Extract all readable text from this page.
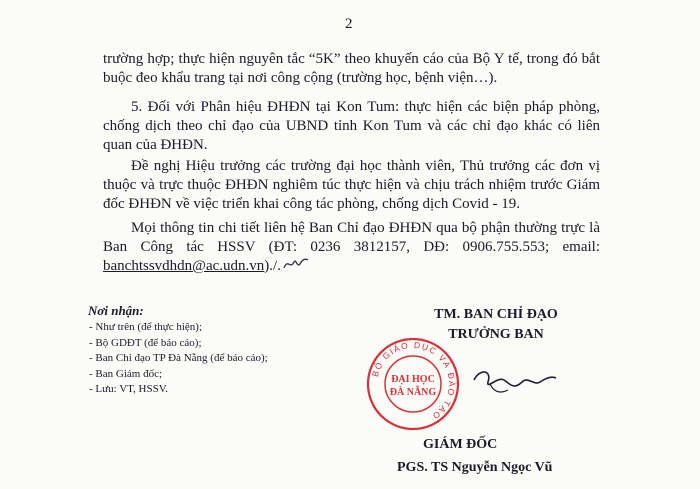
2

trường hợp; thực hiện nguyên tắc “5K” theo khuyến cáo của Bộ Y tế, trong đó bắt buộc đeo khẩu trang tại nơi công cộng (trường học, bệnh viện…).

5. Đối với Phân hiệu ĐHĐN tại Kon Tum: thực hiện các biện pháp phòng, chống dịch theo chỉ đạo của UBND tỉnh Kon Tum và các chỉ đạo khác có liên quan của ĐHĐN.

Đề nghị Hiệu trưởng các trường đại học thành viên, Thủ trưởng các đơn vị thuộc và trực thuộc ĐHĐN nghiêm túc thực hiện và chịu trách nhiệm trước Giám đốc ĐHĐN về việc triển khai công tác phòng, chống dịch Covid - 19.

Mọi thông tin chi tiết liên hệ Ban Chỉ đạo ĐHĐN qua bộ phận thường trực là Ban Công tác HSSV (ĐT: 0236 3812157, DĐ: 0906.755.553; email: banchtssvdhdn@ac.udn.vn)./.

Nơi nhận:
- Như trên (để thực hiện);
- Bộ GDĐT (để báo cáo);
- Ban Chỉ đạo TP Đà Nẵng (để báo cáo);
- Ban Giám đốc;
- Lưu: VT, HSSV.
TM. BAN CHỈ ĐẠO
TRƯỞNG BAN
BỘ GIÁO DỤC VÀ ĐÀO TẠO
ĐẠI HỌC
ĐÀ NẴNG
GIÁM ĐỐC
PGS. TS Nguyễn Ngọc Vũ
